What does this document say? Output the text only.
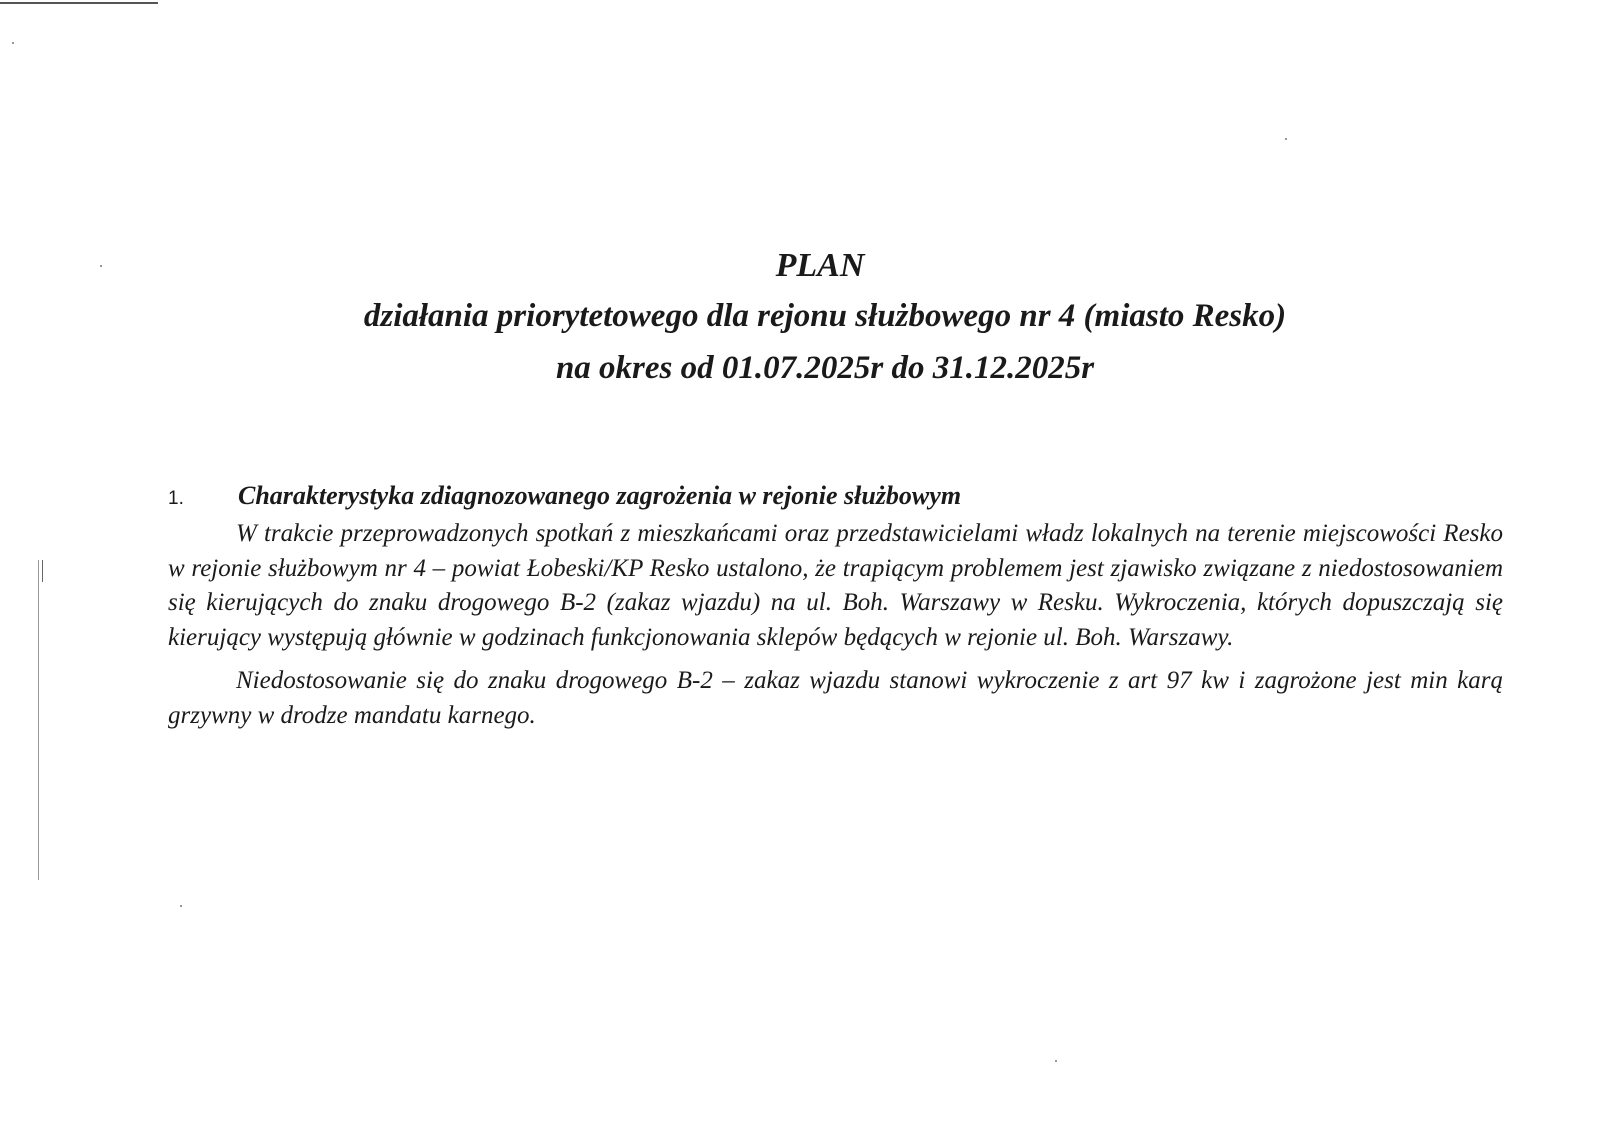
PLAN
działania priorytetowego dla rejonu służbowego nr 4 (miasto Resko)
na okres od 01.07.2025r do 31.12.2025r
1.	Charakterystyka zdiagnozowanego zagrożenia w rejonie służbowym

W trakcie przeprowadzonych spotkań z mieszkańcami oraz przedstawicielami władz lokalnych na terenie miejscowości Resko w rejonie służbowym nr 4 – powiat Łobeski/KP Resko ustalono, że trapiącym problemem jest zjawisko związane z niedostosowaniem się kierujących do znaku drogowego B-2 (zakaz wjazdu) na ul. Boh. Warszawy w Resku. Wykroczenia, których dopuszczają się kierujący występują głównie w godzinach funkcjonowania sklepów będących w rejonie ul. Boh. Warszawy.

Niedostosowanie się do znaku drogowego B-2 – zakaz wjazdu stanowi wykroczenie z art 97 kw i zagrożone jest min karą grzywny w drodze mandatu karnego.
